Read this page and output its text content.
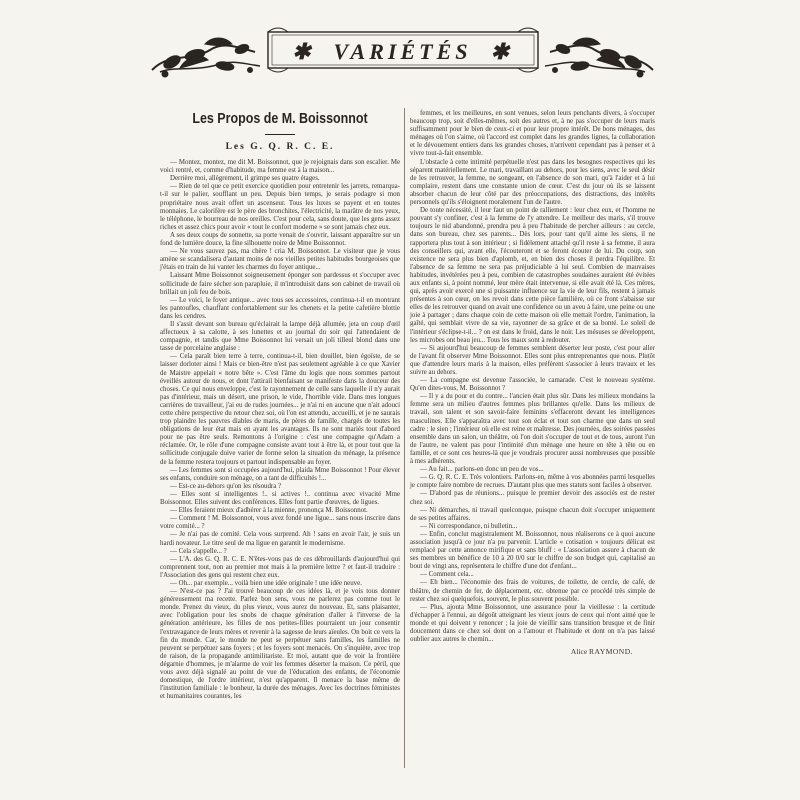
✱ VARIÉTÉS ✱
Les Propos de M. Boissonnot
Les G. Q. R. C. E.

— Montez, montez, me dit M. Boissonnot, que je rejoignais dans son escalier. Me voici rentré, et, comme d'habitude, ma femme est à la maison...

Derrière moi, allègrement, il grimpe ses quatre étages.

— Rien de tel que ce petit exercice quotidien pour entretenir les jarrets, remarqua-t-il sur le palier, soufflant un peu. Depuis bien temps, je serais podagre si mon propriétaire nous avait offert un ascenseur. Tous les luxes se payent et en toutes monnaies. Le calorifère est le père des bronchites, l'électricité, la marâtre de nos yeux, le téléphone, le bourreau de nos oreilles. C'est pour cela, sans doute, que les gens assez riches et assez chics pour avoir « tout le confort moderne » se sont jamais chez eux.

A ses deux coups de sonnette, sa porte venait de s'ouvrir, laissant apparaître sur un fond de lumière douce, la fine silhouette noire de Mme Boissonnot.

— Ne vous sauvez pas, ma chère ! cria M. Boissonnot. Le visiteur que je vous amène se scandalisera d'autant moins de nos vieilles petites habitudes bourgeoises que j'étais en train de lui vanter les charmes du foyer antique...

Laissant Mme Boissonnot soigneusement éponger son pardessus et s'occuper avec sollicitude de faire sécher son parapluie, il m'introduisit dans son cabinet de travail où brillait un joli feu de bois.

— Le voici, le foyer antique... avec tous ses accessoires, continua-t-il en montrant les pantoufles, chauffant confortablement sur les chenets et la petite cafetière blottie dans les cendres.

Il s'assit devant son bureau qu'éclairait la lampe déjà allumée, jeta un coup d'œil affectueux à sa calotte, à ses lunettes et au journal du soir qui l'attendaient de compagnie, et tandis que Mme Boissonnot lui versait un joli tilleul blond dans une tasse de porcelaine anglaise :

— Cela paraît bien terre à terre, continua-t-il, bien douillet, bien égoïste, de se laisser dorloter ainsi ! Mais ce bien-être n'est pas seulement agréable à ce que Xavier de Maistre appelait « notre bête ». C'est l'âme du logis que nous sommes partout éveillés autour de nous, et dont l'attirail bienfaisant se manifeste dans la douceur des choses. Ce qui nous enveloppe, c'est le rayonnement de celle sans laquelle il n'y aurait pas d'intérieur, mais un désert, une prison, le vide, l'horrible vide. Dans mes longues carrières de travailleur, j'ai eu de rudes journées... je n'ai ni en aucune que n'ait adouci cette chère perspective du retour chez soi, où l'on est attendu, accueilli, et je ne saurais trop plaindre les pauvres diables de maris, de pères de famille, chargés de toutes les obligations de leur état mais en ayant les avantages. Ils ne sont mariés tout d'abord pour ne pas être seuls. Remontons à l'origine : c'est une compagne qu'Adam a réclamée. Or, le rôle d'une compagne consiste avant tout à être là, et pour tout que la sollicitude conjugale doive varier de forme selon la situation du ménage, la présence de la femme restera toujours et partout indispensable au foyer.

— Les femmes sont si occupées aujourd'hui, plaida Mme Boissonnot ! Pour élever ses enfants, conduire son ménage, on a tant de difficultés !...

— Est-ce au-dehors qu'on les résoudra ?

— Elles sont si intelligentes !.. si actives !.. continua avec vivacité Mme Boissonnot. Elles suivent des conférences. Elles font partie d'œuvres, de ligues.

— Elles feraient mieux d'adhérer à la mienne, prononça M. Boissonnot.

— Comment ! M. Boissonnot, vous avez fondé une ligue... sans nous inscrire dans votre comité... ?

— Je n'ai pas de comité. Cela vous surprend. Ah ! sans en avoir l'air, je suis un hardi novateur. Le titre seul de ma ligue en garantit le modernisme.

— Cela s'appelle... ?

— L'A. des G. Q. R. C. E. N'êtes-vous pas de ces débrouillards d'aujourd'hui qui comprennent tout, non au premier mot mais à la première lettre ? et faut-il traduire : l'Association des gens qui restent chez eux.

— Oh... par exemple... voilà bien une idée originale ! une idée neuve.

— N'est-ce pas ? J'ai trouvé beaucoup de ces idées là, et je vois tous donner généreusement ma recette. Parlez bon sens, vous ne parlerez pas comme tout le monde. Prenez du vieux, du plus vieux, vous aurez du nouveau. Et, sans plaisanter, avec l'obligation pour les snobs de chaque génération d'aller à l'inverse de la génération antérieure, les filles de nos petites-filles pourraient un jour consentir l'extravagance de leurs mères et revenir à la sagesse de leurs aïeules. On boit ce vers la fin du monde. Car, le monde ne peut se perpétuer sans familles, les familles ne peuvent se perpétuer sans foyers ; et les foyers sont menacés. On s'inquiète, avec trop de raison, de la propagande antimilitariste. Et moi, autant que de voir la frontière dégarnie d'hommes, je m'alarme de voir les femmes déserter la maison. Ce péril, que vous avez déjà signalé au point de vue de l'éducation des enfants, de l'économie domestique, de l'ordre intérieur, n'est qu'apparent. Il menace la base même de l'institution familiale : le bonheur, la durée des ménages. Avec les doctrines féministes et humanitaires courantes, les

femmes, et les meilleures, en sont venues, selon leurs penchants divers, à s'occuper beaucoup trop, soit d'elles-mêmes, soit des autres et, à ne pas s'occuper de leurs maris suffisamment pour le bien de ceux-ci et pour leur propre intérêt. De bons ménages, des ménages où l'on s'aime, où l'accord est complet dans les grandes lignes, la collaboration et le dévouement entiers dans les grandes choses, n'arrivent cependant pas à penser et à vivre tout-à-fait ensemble.

L'obstacle à cette intimité perpétuelle n'est pas dans les besognes respectives qui les séparent matériellement. Le mari, travaillant au dehors, pour les siens, avec le seul désir de les retrouver, la femme, ne songeant, en l'absence de son mari, qu'à l'aider et à lui complaire, restent dans une constante union de cœur. C'est du jour où ils se laissent absorber chacun de leur côté par des préoccupations, des distractions, des intérêts personnels qu'ils s'éloignent moralement l'un de l'autre.

De toute nécessité, il leur faut un point de ralliement : leur chez eux, et l'homme ne pouvant s'y confiner, c'est à la femme de l'y attendre. Le meilleur des maris, s'il trouve toujours le nid abandonné, prendra peu à peu l'habitude de percher ailleurs : au cercle, dans son bureau, chez ses parents... Dès lors, pour tant qu'il aime les siens, il ne rapportera plus tout à son intérieur ; si fidèlement attaché qu'il reste à sa femme, il aura des conseillers qui, avant elle, l'écouteront et se feront écouter de lui. Du coup, son existence ne sera plus bien d'aplomb, et, en bien des choses il perdra l'équilibre. Et l'absence de sa femme ne sera pas préjudiciable à lui seul. Combien de mauvaises habitudes, invétérées peu à peu, combien de catastrophes soudaines auraient été évitées aux enfants si, à point nommé, leur mère était intervenue, si elle avait été là. Ces mères, qui, après avoir exercé une si puissante influence sur la vie de leur fils, restent à jamais présentes à son cœur, on les revoit dans cette pièce familière, où ce front s'abaisse sur elles de les retrouver quand on avait une confidence ou un aveu à faire, une peine ou une joie à partager ; dans chaque coin de cette maison où elle mettait l'ordre, l'animation, la gaîté, qui semblait vivre de sa vie, rayonner de sa grâce et de sa bonté. Le soleil de l'intérieur s'éclipse-t-il... ? on est dans le froid, dans le noir. Les mésuses se développent, les microbes ont beau jeu... Tous les maux sont à redouter.

— Si aujourd'hui beaucoup de femmes semblent déserter leur poste, c'est pour aller de l'avant fit observer Mme Boissonnot. Elles sont plus entreprenantes que nous. Plutôt que d'attendre leurs maris à la maison, elles préfèrent s'associer à leurs travaux et les suivre au dehors.

— La compagne est devenue l'associée, le camarade. C'est le nouveau système. Qu'en dites-vous, M. Boissonnot ?

— Il y a du pour et du contre... l'ancien était plus sûr. Dans les milieux mondains la femme sera un milieu d'autres femmes plus brillantes qu'elle. Dans les milieux de travail, son talent et son savoir-faire feminins s'effaceront devant les intelligences masculines. Elle s'apparaîtra avec tout son éclat et tout son charme que dans un seul cadre : le sien ; l'intérieur où elle est reine et maîtresse. Des journées, des soirées passées ensemble dans un salon, un théâtre, où l'on doit s'occuper de tout et de tous, auront l'un de l'autre, ne valent pas pour l'intimité d'un ménage une heure en tête à tête ou en famille, et ce sont ces heures-là que je voudrais procurer aussi nombreuses que possible à mes adhérents.

— Au fait... parlons-en donc un peu de vos...

— G. Q. R. C. E. Très volontiers. Parlons-en, même à vos abonnées parmi lesquelles je compte faire nombre de recrues. D'autant plus que mes statuts sont faciles à observer.

— D'abord pas de réunions... puisque le premier devoir des associés est de rester chez soi.

— Ni démarches, ni travail quelconque, puisque chacun doit s'occuper uniquement de ses petites affaires.

— Ni correspondance, ni bulletin...

— Enfin, conclut magistralement M. Boissonnot, nous réaliserons ce à quoi aucune association jusqu'à ce jour n'a pu parvenir. L'article « cotisation » toujours délicat est remplacé par cette annonce mirifique et sans bluff : « L'association assure à chacun de ses membres un bénéfice de 10 à 20 0/0 sur le chiffre de son budget qui, capitalisé au bout de vingt ans, représentera le chiffre d'une dot d'enfant...

— Comment cela...

— Eh bien... l'économie des frais de voitures, de toilette, de cercle, de café, de théâtre, de chemin de fer, de déplacement, etc. obtenue par ce procédé très simple de rester chez soi quelquefois, souvent, le plus souvent possible.

— Plus, ajouta Mme Boissonnot, une assurance pour la vieillesse : la certitude d'échapper à l'ennui, au dégoût atteignant les vieux jours de ceux qui n'ont aimé que le monde et qui doivent y renoncer ; la joie de vieillir sans transition brusque et de finir doucement dans ce chez soi dont on a l'amour et l'habitude et dont on n'a pas laissé oublier aux autres le chemin...

Alice RAYMOND.
